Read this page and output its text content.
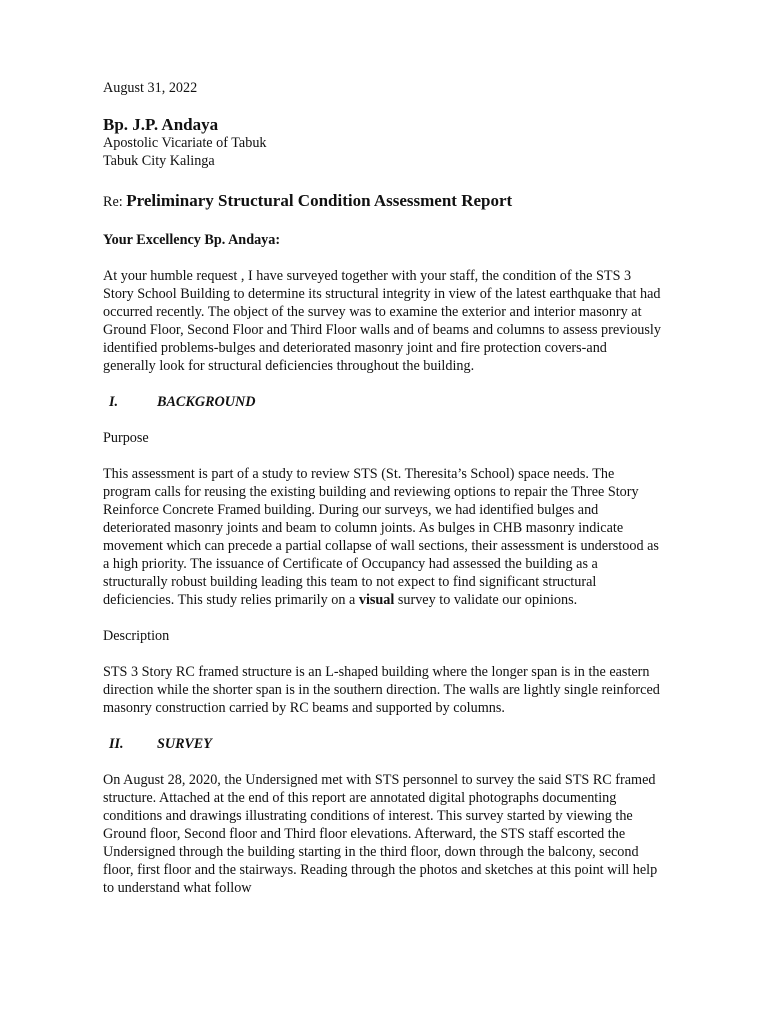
August 31, 2022

Bp. J.P. Andaya

Apostolic Vicariate of Tabuk

Tabuk City Kalinga

Re: Preliminary Structural Condition Assessment Report

Your Excellency Bp. Andaya:

At your humble request , I have surveyed together with your staff, the condition of the STS 3 Story School Building to determine its structural integrity in view of the latest earthquake that had occurred recently. The object of the survey was to examine the exterior and interior masonry at Ground Floor, Second Floor and Third Floor walls and of beams and columns to assess previously identified problems-bulges and deteriorated masonry joint and fire protection covers-and generally look for structural deficiencies throughout the building.

I.	BACKGROUND

Purpose

This assessment is part of a study to review STS (St. Theresita’s School) space needs. The program calls for reusing the existing building and reviewing options to repair the Three Story Reinforce Concrete Framed building. During our surveys, we had identified bulges and deteriorated masonry joints and beam to column joints. As bulges in CHB masonry indicate movement which can precede a partial collapse of wall sections, their assessment is understood as a high priority. The issuance of Certificate of Occupancy had assessed the building as a structurally robust building leading this team to not expect to find significant structural deficiencies. This study relies primarily on a visual survey to validate our opinions.

Description

STS 3 Story RC framed structure is an L-shaped building where the longer span is in the eastern direction while the shorter span is in the southern direction. The walls are lightly single reinforced masonry construction carried by RC beams and supported by columns.

II.	SURVEY

On August 28, 2020, the Undersigned met with STS personnel to survey the said STS RC framed structure. Attached at the end of this report are annotated digital photographs documenting conditions and drawings illustrating conditions of interest. This survey started by viewing the Ground floor, Second floor and Third floor elevations. Afterward, the STS staff escorted the Undersigned through the building starting in the third floor, down through the balcony, second floor, first floor and the stairways. Reading through the photos and sketches at this point will help to understand what follow
